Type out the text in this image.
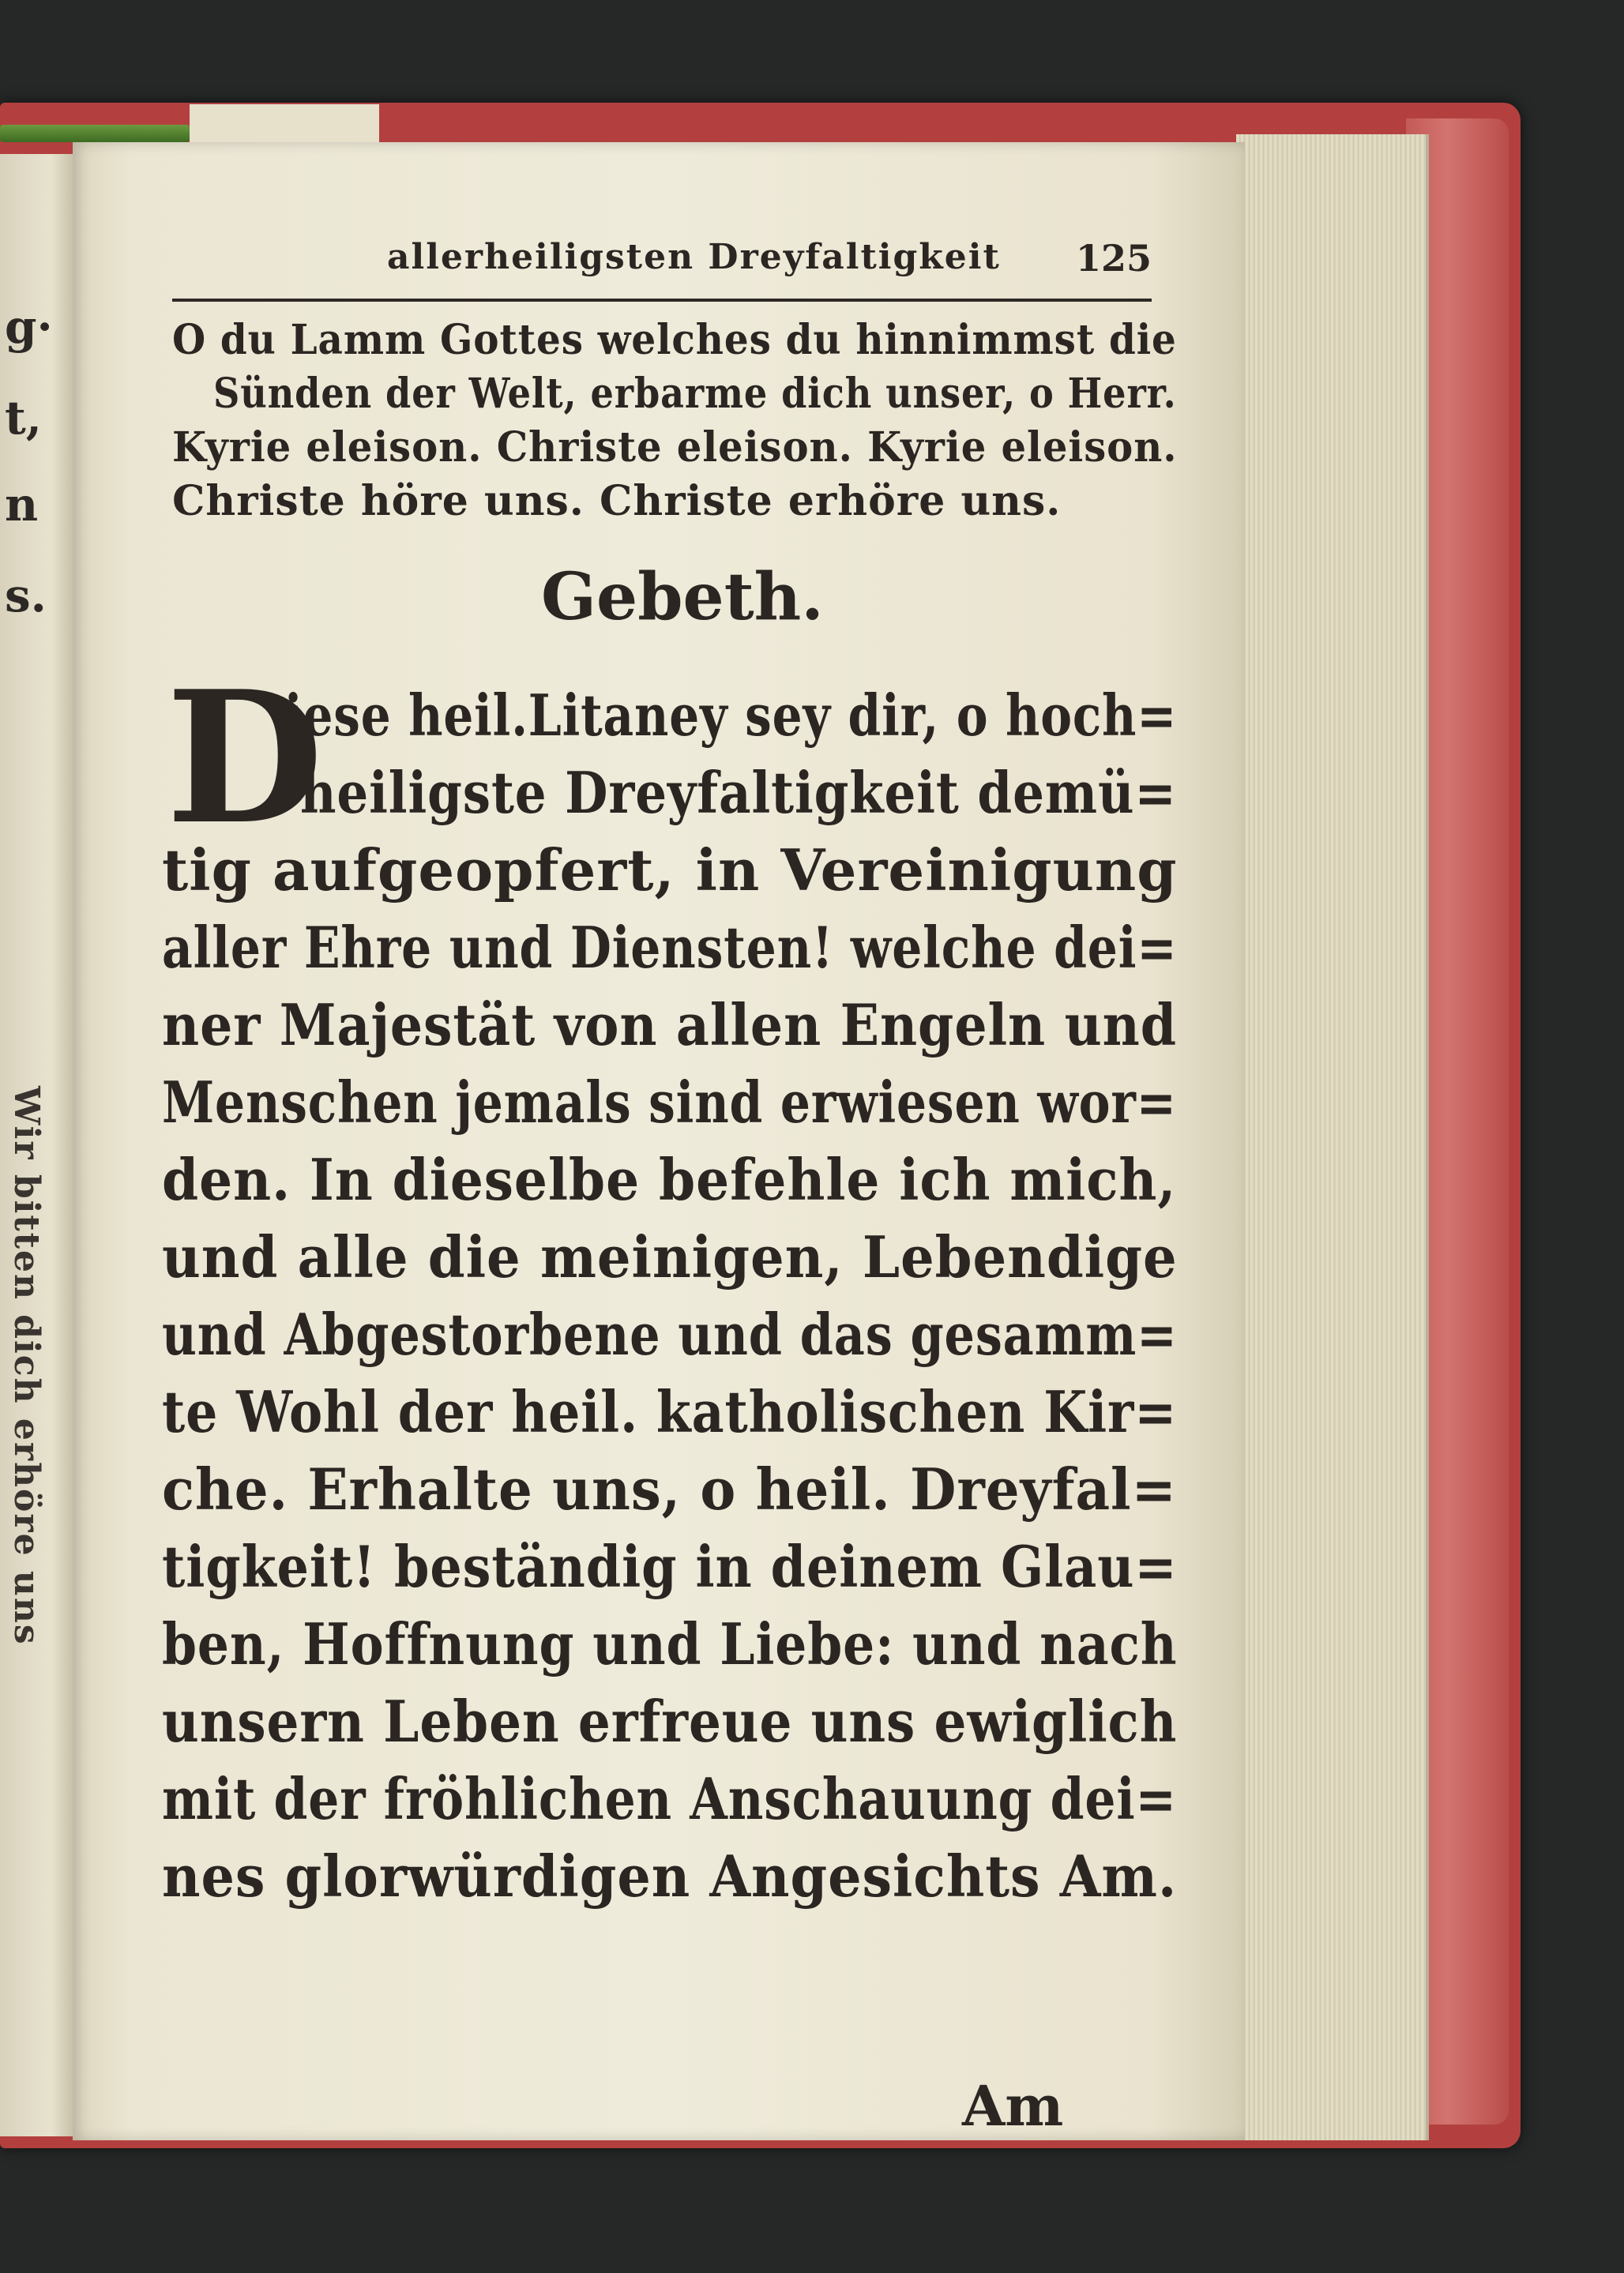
g·
t,
n
s.
Wir bitten dich erhöre uns
allerheiligsten Dreyfaltigkeit 125
O du Lamm Gottes welches du hinnimmst die
Sünden der Welt, erbarme dich unser, o Herr.
Kyrie eleison. Christe eleison. Kyrie eleison.
Christe höre uns. Christe erhöre uns.
Gebeth.
D
iese heil.Litaney sey dir, o hoch=
heiligste Dreyfaltigkeit demü=
tig aufgeopfert, in Vereinigung
aller Ehre und Diensten! welche dei=
ner Majestät von allen Engeln und
Menschen jemals sind erwiesen wor=
den. In dieselbe befehle ich mich,
und alle die meinigen, Lebendige
und Abgestorbene und das gesamm=
te Wohl der heil. katholischen Kir=
che. Erhalte uns, o heil. Dreyfal=
tigkeit! beständig in deinem Glau=
ben, Hoffnung und Liebe: und nach
unsern Leben erfreue uns ewiglich
mit der fröhlichen Anschauung dei=
nes glorwürdigen Angesichts Am.
Am
